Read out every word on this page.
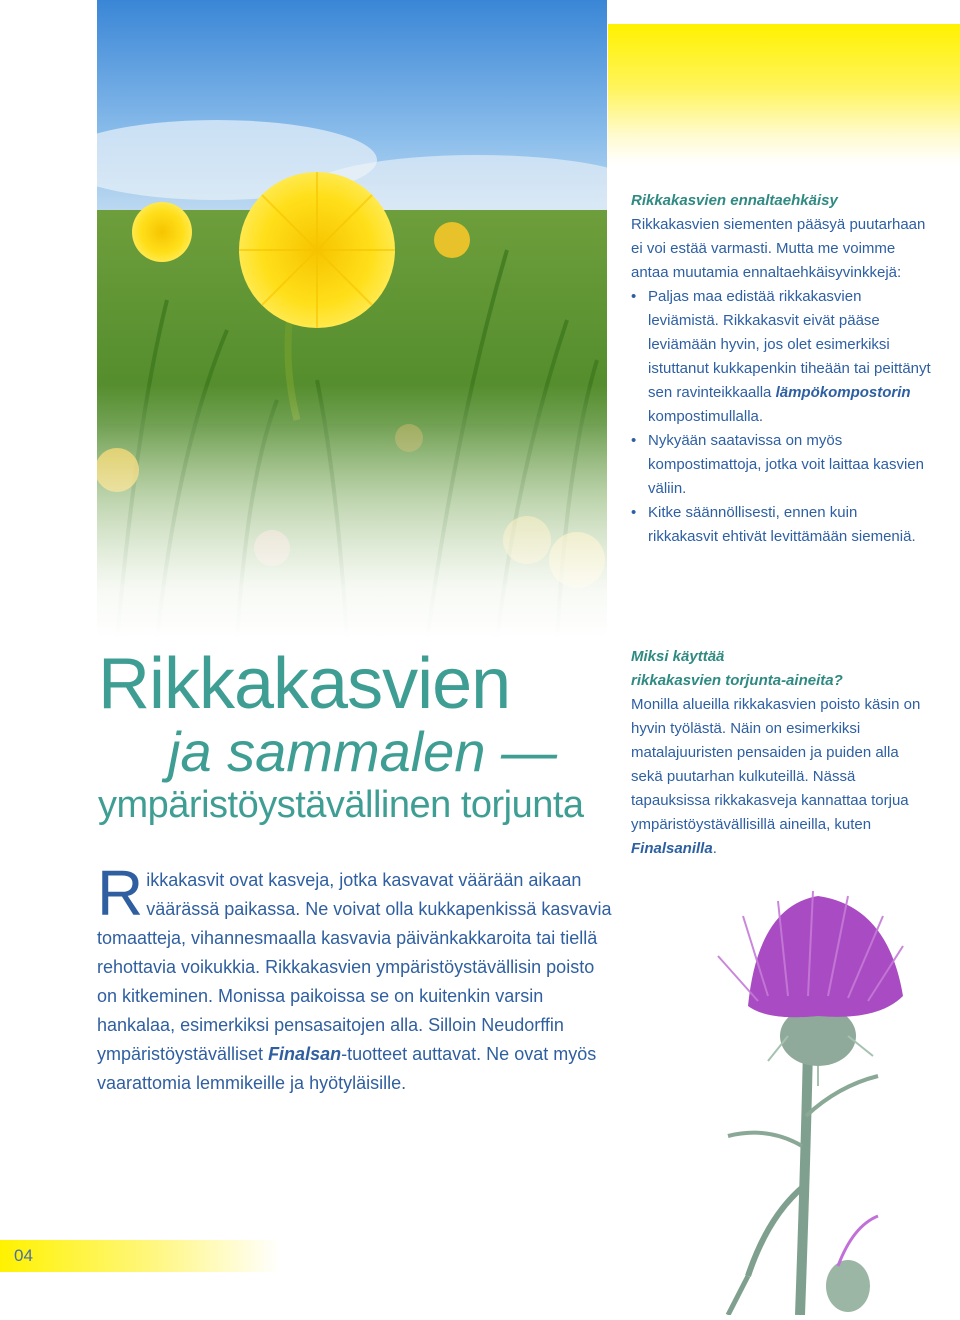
Rikkakasvien
ja sammalen —
ympäristöystävällinen torjunta
Rikkakasvit ovat kasveja, jotka kasvavat väärään aikaan väärässä paikassa. Ne voivat olla kukkapenkissä kasvavia tomaatteja, vihannesmaalla kasvavia päivänkakkaroita tai tiellä rehottavia voikukkia. Rikkakasvien ympäristöystävällisin poisto on kitkeminen. Monissa paikoissa se on kuitenkin varsin hankalaa, esimerkiksi pensasaitojen alla. Silloin Neudorffin ympäristöystävälliset Finalsan-tuotteet auttavat. Ne ovat myös vaarattomia lemmikeille ja hyötyläisille.
Rikkakasvien ennaltaehkäisy

Rikkakasvien siementen pääsyä puutarhaan ei voi estää varmasti. Mutta me voimme antaa muutamia ennaltaehkäisyvinkkejä:

• Paljas maa edistää rikkakasvien leviämistä. Rikkakasvit eivät pääse leviämään hyvin, jos olet esimerkiksi istuttanut kukkapenkin tiheään tai peittänyt sen ravinteikkaalla lämpökompostorin kompostimullalla.
• Nykyään saatavissa on myös kompostimattoja, jotka voit laittaa kasvien väliin.
• Kitke säännöllisesti, ennen kuin rikkakasvit ehtivät levittämään siemeniä.
Miksi käyttää
rikkakasvien torjunta-aineita?

Monilla alueilla rikkakasvien poisto käsin on hyvin työlästä. Näin on esimerkiksi matalajuuristen pensaiden ja puiden alla sekä puutarhan kulkuteillä. Nässä tapauksissa rikkakasveja kannattaa torjua ympäristöystävällisillä aineilla, kuten Finalsanilla.

04
